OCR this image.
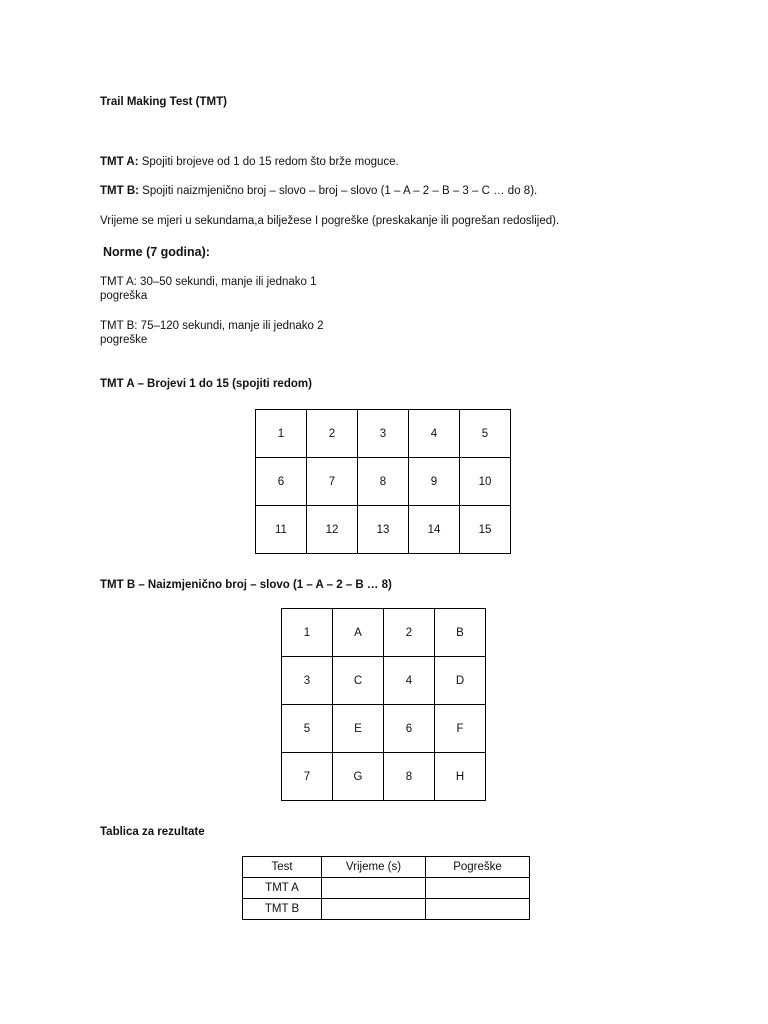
Trail Making Test (TMT)
TMT A: Spojiti brojeve od 1 do 15 redom što brže moguce.
TMT B: Spojiti naizmjenično broj – slovo – broj – slovo (1 – A – 2 – B – 3 – C … do 8).
Vrijeme se mjeri u sekundama,a bilježese I pogreške (preskakanje ili pogrešan redoslijed).
Norme (7 godina):
TMT A: 30–50 sekundi, manje ili jednako 1
pogreška
TMT B: 75–120 sekundi, manje ili jednako 2
pogreške
TMT A – Brojevi 1 do 15 (spojiti redom)
1	2	3	4	5
6	7	8	9	10
11	12	13	14	15
TMT B – Naizmjenično broj – slovo (1 – A – 2 – B … 8)
1	A	2	B
3	C	4	D
5	E	6	F
7	G	8	H
Tablica za rezultate
Test	Vrijeme (s)	Pogreške
TMT A		
TMT B		
